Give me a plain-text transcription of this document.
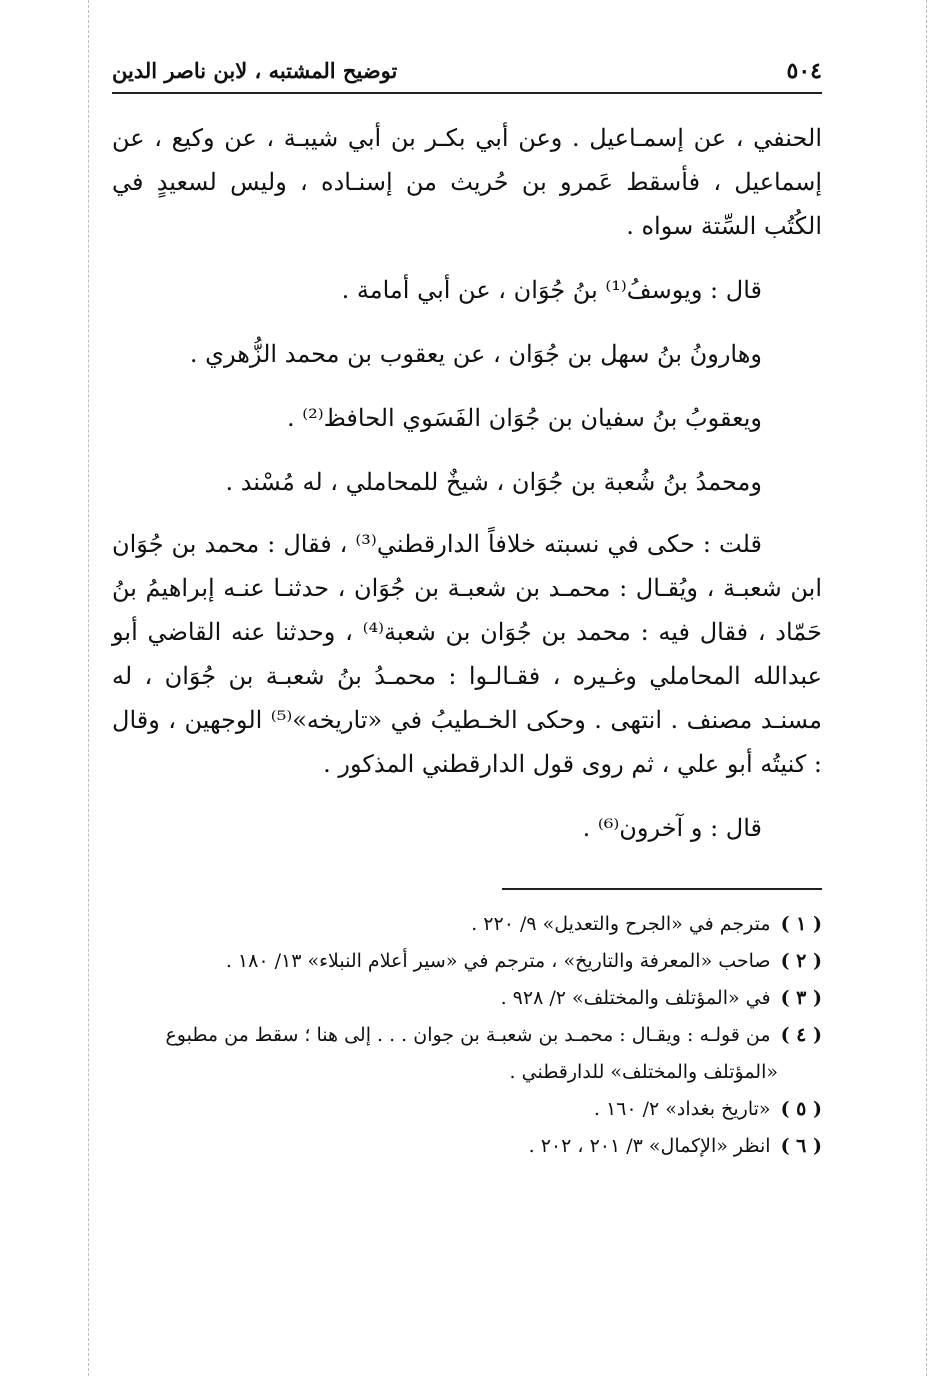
٥٠٤
توضيح المشتبه ، لابن ناصر الدين

الحنفي ، عن إسمـاعيل . وعن أبي بكـر بن أبي شيبـة ، عن وكيع ، عن إسماعيل ، فأسقط عَمرو بن حُريث من إسنـاده ، وليس لسعيدٍ في الكُتُب السِّتة سواه .

قال : ويوسفُ⁽¹⁾ بنُ جُوَان ، عن أبي أمامة .

وهارونُ بنُ سهل بن جُوَان ، عن يعقوب بن محمد الزُّهري .

ويعقوبُ بنُ سفيان بن جُوَان الفَسَوي الحافظ⁽²⁾ .

ومحمدُ بنُ شُعبة بن جُوَان ، شيخٌ للمحاملي ، له مُسْند .

قلت : حكى في نسبته خلافاً الدارقطني⁽³⁾ ، فقال : محمد بن جُوَان ابن شعبـة ، ويُقـال : محمـد بن شعبـة بن جُوَان ، حدثنـا عنـه إبراهيمُ بنُ حَمّاد ، فقال فيه : محمد بن جُوَان بن شعبة⁽⁴⁾ ، وحدثنا عنه القاضي أبو عبدالله المحاملي وغـيره ، فقـالـوا : محمـدُ بنُ شعبـة بن جُوَان ، له مسنـد مصنف . انتهى . وحكى الخـطيبُ في «تاريخه»⁽⁵⁾ الوجهين ، وقال : كنيتُه أبو علي ، ثم روى قول الدارقطني المذكور .

قال : و آخرون⁽⁶⁾ .

( ١ )مترجم في «الجرح والتعديل» ٩/ ٢٢٠ .

( ٢ )صاحب «المعرفة والتاريخ» ، مترجم في «سير أعلام النبلاء» ١٣/ ١٨٠ .

( ٣ )في «المؤتلف والمختلف» ٢/ ٩٢٨ .

( ٤ )من قولـه : ويقـال : محمـد بن شعبـة بن جوان . . . إلى هنا ؛ سقط من مطبوع
«المؤتلف والمختلف» للدارقطني .

( ٥ )«تاريخ بغداد» ٢/ ١٦٠ .

( ٦ )انظر «الإكمال» ٣/ ٢٠١ ، ٢٠٢ .
